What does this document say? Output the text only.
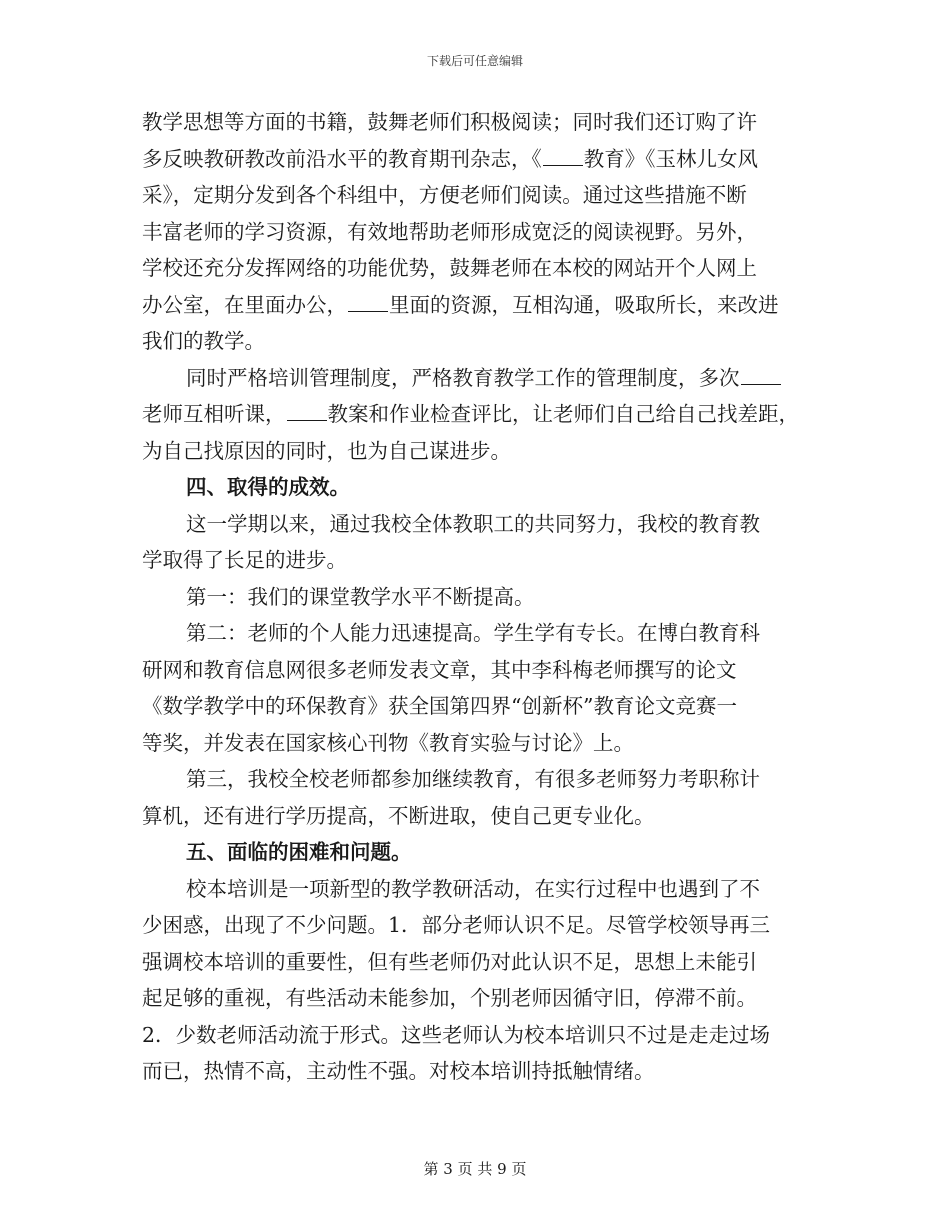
下载后可任意编辑

教学思想等方面的书籍，鼓舞老师们积极阅读；同时我们还订购了许

多反映教研教改前沿水平的教育期刊杂志，《 教育》《玉林儿女风

采》，定期分发到各个科组中，方便老师们阅读。通过这些措施不断

丰富老师的学习资源，有效地帮助老师形成宽泛的阅读视野。另外，

学校还充分发挥网络的功能优势，鼓舞老师在本校的网站开个人网上

办公室，在里面办公， 里面的资源，互相沟通，吸取所长，来改进

我们的教学。

同时严格培训管理制度，严格教育教学工作的管理制度，多次

老师互相听课， 教案和作业检查评比，让老师们自己给自己找差距，

为自己找原因的同时，也为自己谋进步。

四、取得的成效。

这一学期以来，通过我校全体教职工的共同努力，我校的教育教

学取得了长足的进步。

第一：我们的课堂教学水平不断提高。

第二：老师的个人能力迅速提高。学生学有专长。在博白教育科

研网和教育信息网很多老师发表文章，其中李科梅老师撰写的论文

《数学教学中的环保教育》获全国第四界“创新杯”教育论文竞赛一

等奖，并发表在国家核心刊物《教育实验与讨论》上。

第三，我校全校老师都参加继续教育，有很多老师努力考职称计

算机，还有进行学历提高，不断进取，使自己更专业化。

五、面临的困难和问题。

校本培训是一项新型的教学教研活动，在实行过程中也遇到了不

少困惑，出现了不少问题。1．部分老师认识不足。尽管学校领导再三

强调校本培训的重要性，但有些老师仍对此认识不足，思想上未能引

起足够的重视，有些活动未能参加，个别老师因循守旧，停滞不前。

2．少数老师活动流于形式。这些老师认为校本培训只不过是走走过场

而已，热情不高，主动性不强。对校本培训持抵触情绪。

第 3 页 共 9 页
